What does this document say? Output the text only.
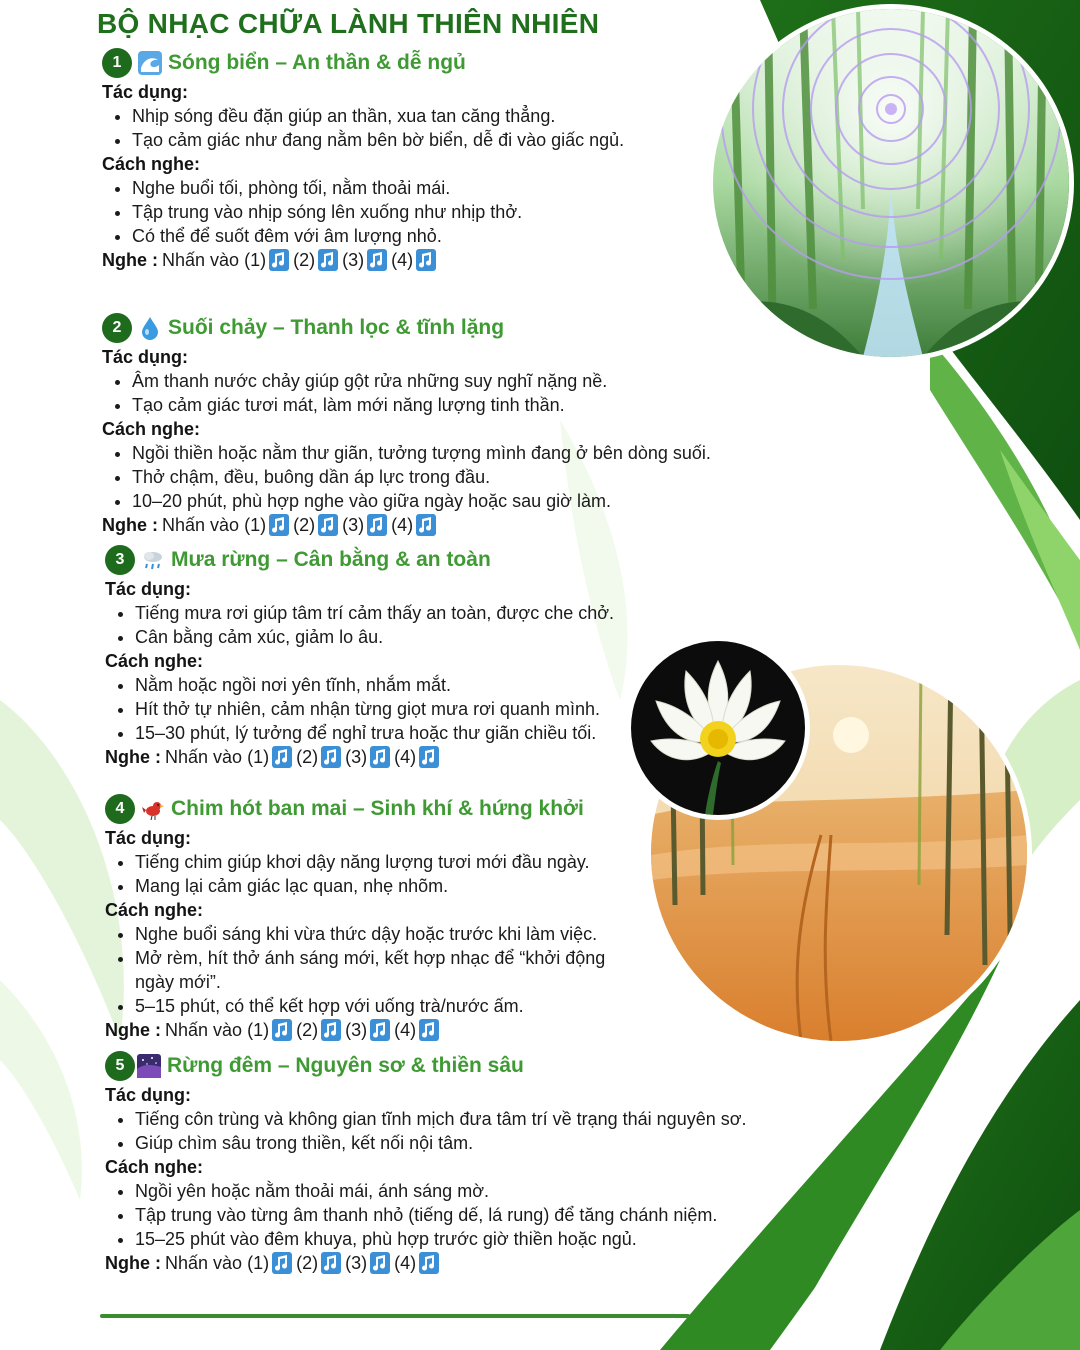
BỘ NHẠC CHỮA LÀNH THIÊN NHIÊN
1	Sóng biển – An thần & dễ ngủ

Tác dụng:

• Nhịp sóng đều đặn giúp an thần, xua tan căng thẳng.
• Tạo cảm giác như đang nằm bên bờ biển, dễ đi vào giấc ngủ.

Cách nghe:

• Nghe buổi tối, phòng tối, nằm thoải mái.
• Tập trung vào nhịp sóng lên xuống như nhịp thở.
• Có thể để suốt đêm với âm lượng nhỏ.
Nghe : Nhấn vào
(1) (2) (3) (4)
2	Suối chảy – Thanh lọc & tĩnh lặng

Tác dụng:

• Âm thanh nước chảy giúp gột rửa những suy nghĩ nặng nề.
• Tạo cảm giác tươi mát, làm mới năng lượng tinh thần.

Cách nghe:

• Ngồi thiền hoặc nằm thư giãn, tưởng tượng mình đang ở bên dòng suối.
• Thở chậm, đều, buông dần áp lực trong đầu.
• 10–20 phút, phù hợp nghe vào giữa ngày hoặc sau giờ làm.
Nghe : Nhấn vào
(1) (2) (3) (4)
3	Mưa rừng – Cân bằng & an toàn

Tác dụng:

• Tiếng mưa rơi giúp tâm trí cảm thấy an toàn, được che chở.
• Cân bằng cảm xúc, giảm lo âu.

Cách nghe:

• Nằm hoặc ngồi nơi yên tĩnh, nhắm mắt.
• Hít thở tự nhiên, cảm nhận từng giọt mưa rơi quanh mình.
• 15–30 phút, lý tưởng để nghỉ trưa hoặc thư giãn chiều tối.
Nghe : Nhấn vào
(1) (2) (3) (4)
4	Chim hót ban mai – Sinh khí & hứng khởi

Tác dụng:

• Tiếng chim giúp khơi dậy năng lượng tươi mới đầu ngày.
• Mang lại cảm giác lạc quan, nhẹ nhõm.

Cách nghe:

• Nghe buổi sáng khi vừa thức dậy hoặc trước khi làm việc.
• Mở rèm, hít thở ánh sáng mới, kết hợp nhạc để “khởi động ngày mới”.
• 5–15 phút, có thể kết hợp với uống trà/nước ấm.
Nghe : Nhấn vào
(1) (2) (3) (4)
5	Rừng đêm – Nguyên sơ & thiền sâu

Tác dụng:

• Tiếng côn trùng và không gian tĩnh mịch đưa tâm trí về trạng thái nguyên sơ.
• Giúp chìm sâu trong thiền, kết nối nội tâm.

Cách nghe:

• Ngồi yên hoặc nằm thoải mái, ánh sáng mờ.
• Tập trung vào từng âm thanh nhỏ (tiếng dế, lá rung) để tăng chánh niệm.
• 15–25 phút vào đêm khuya, phù hợp trước giờ thiền hoặc ngủ.
Nghe : Nhấn vào
(1) (2) (3) (4)
